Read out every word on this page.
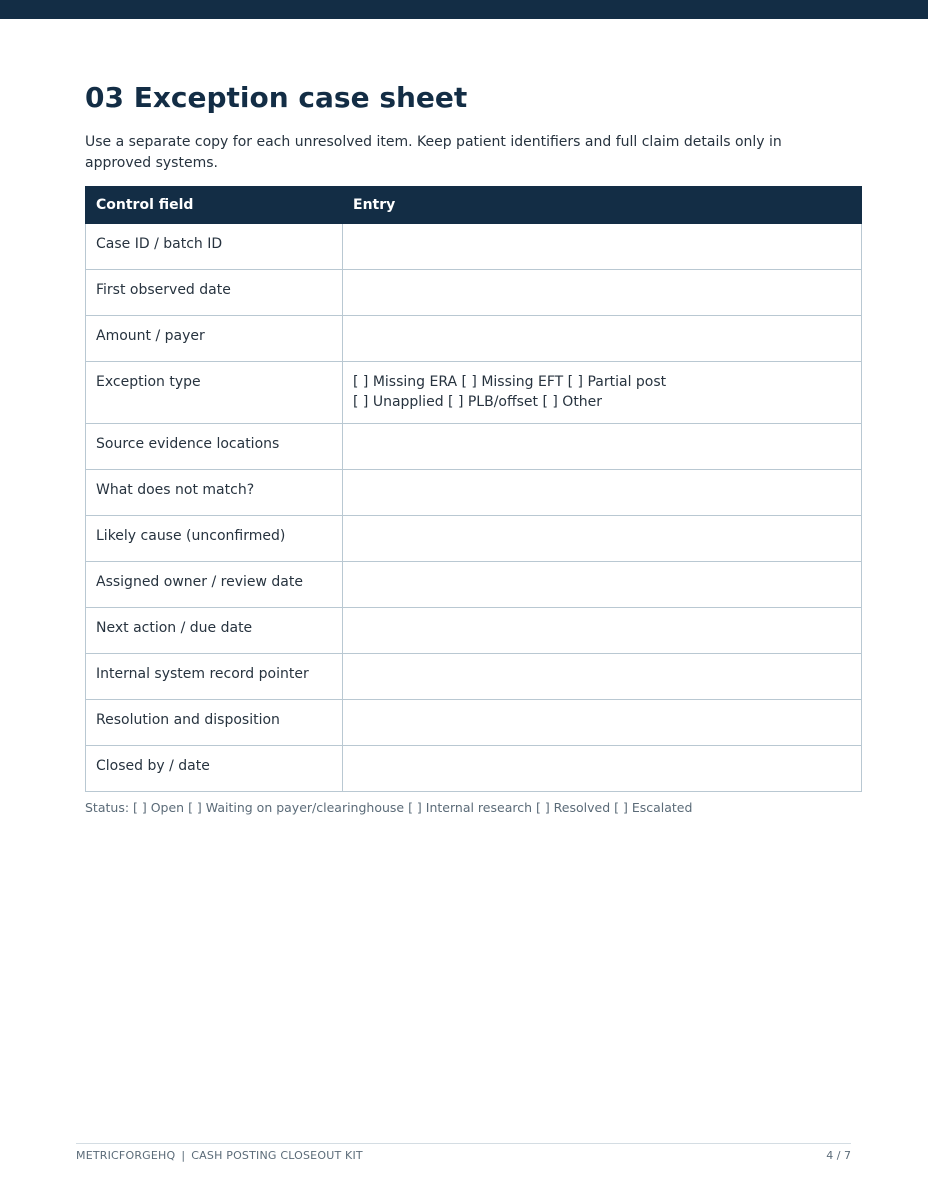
03 Exception case sheet

Use a separate copy for each unresolved item. Keep patient identifiers and full claim details only in approved systems.

Control field	Entry
Case ID / batch ID	
First observed date	
Amount / payer	
Exception type	[ ] Missing ERA [ ] Missing EFT [ ] Partial post
[ ] Unapplied [ ] PLB/offset [ ] Other

Source evidence locations	
What does not match?	
Likely cause (unconfirmed)	
Assigned owner / review date	
Next action / due date	
Internal system record pointer	
Resolution and disposition	
Closed by / date	

Status: [ ] Open [ ] Waiting on payer/clearinghouse [ ] Internal research [ ] Resolved [ ] Escalated

METRICFORGEHQ | CASH POSTING CLOSEOUT KIT	4 / 7
